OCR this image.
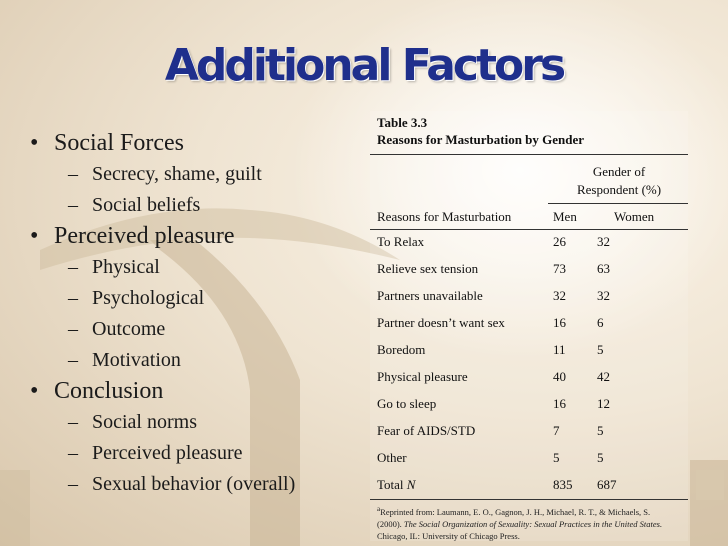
Additional Factors
• Social Forces
– Secrecy, shame, guilt
– Social beliefs
• Perceived pleasure
– Physical
– Psychological
– Outcome
– Motivation
• Conclusion
– Social norms
– Perceived pleasure
– Sexual behavior (overall)
Table 3.3
Reasons for Masturbation by Gender
Gender of
Respondent (%)
Reasons for Masturbation	Men	Women
To Relax	26 32
Relieve sex tension	73 63
Partners unavailable	32 32
Partner doesn’t want sex	16 6
Boredom	11 5
Physical pleasure	40 42
Go to sleep	16 12
Fear of AIDS/STD	7	5
Other	5	5
Total N	835 687
$^a$Reprinted from: Laumann, E. O., Gagnon, J. H., Michael, R. T., & Michaels, S.
(2000). The Social Organization of Sexuality: Sexual Practices in the United States.
Chicago, IL: University of Chicago Press.
